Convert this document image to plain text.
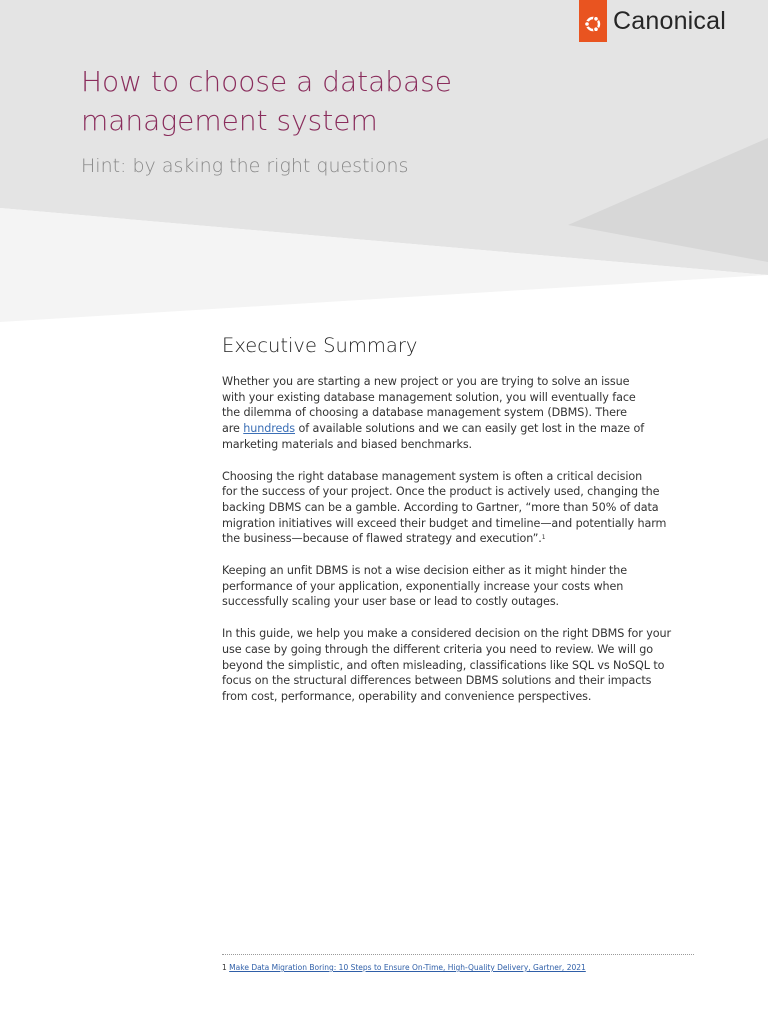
Canonical
How to choose a database
management system

Hint: by asking the right questions

Executive Summary

Whether you are starting a new project or you are trying to solve an issue
with your existing database management solution, you will eventually face
the dilemma of choosing a database management system (DBMS). There
are hundreds of available solutions and we can easily get lost in the maze of
marketing materials and biased benchmarks.

Choosing the right database management system is often a critical decision
for the success of your project. Once the product is actively used, changing the
backing DBMS can be a gamble. According to Gartner, “more than 50% of data
migration initiatives will exceed their budget and timeline—and potentially harm
the business—because of flawed strategy and execution”.$^1$

Keeping an unfit DBMS is not a wise decision either as it might hinder the
performance of your application, exponentially increase your costs when
successfully scaling your user base or lead to costly outages.

In this guide, we help you make a considered decision on the right DBMS for your
use case by going through the different criteria you need to review. We will go
beyond the simplistic, and often misleading, classifications like SQL vs NoSQL to
focus on the structural differences between DBMS solutions and their impacts
from cost, performance, operability and convenience perspectives.

1 Make Data Migration Boring: 10 Steps to Ensure On-Time, High-Quality Delivery, Gartner, 2021
